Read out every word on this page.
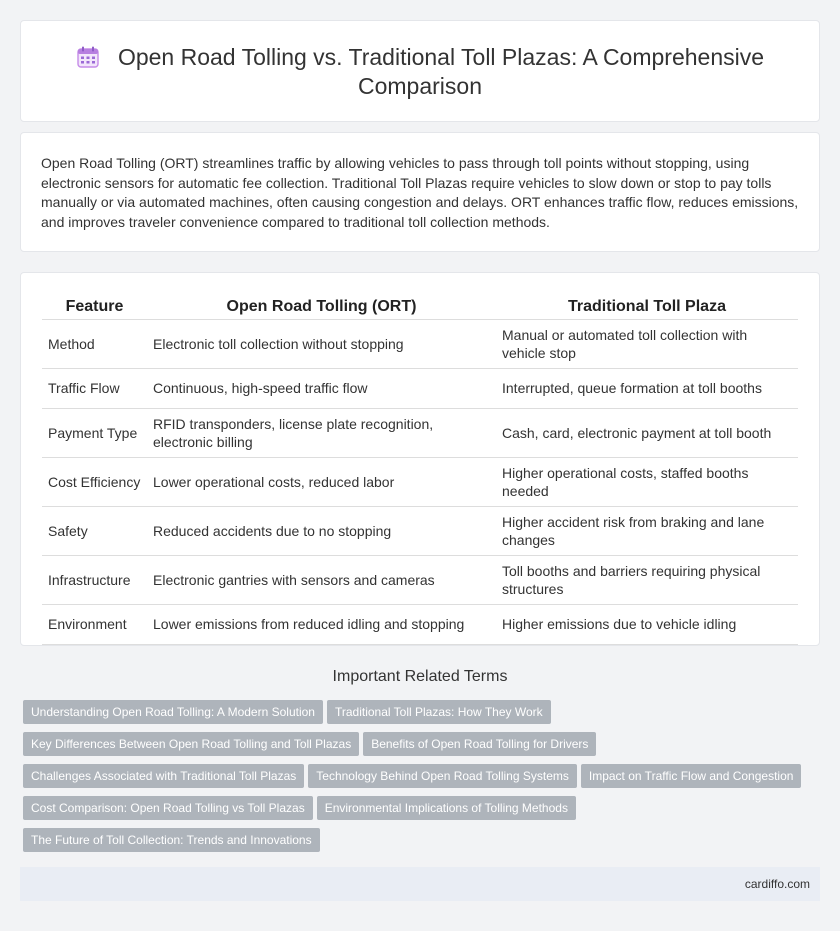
Open Road Tolling vs. Traditional Toll Plazas: A Comprehensive Comparison

Open Road Tolling (ORT) streamlines traffic by allowing vehicles to pass through toll points without stopping, using electronic sensors for automatic fee collection. Traditional Toll Plazas require vehicles to slow down or stop to pay tolls manually or via automated machines, often causing congestion and delays. ORT enhances traffic flow, reduces emissions, and improves traveler convenience compared to traditional toll collection methods.

Feature	Open Road Tolling (ORT)	Traditional Toll Plaza
Method	Electronic toll collection without stopping	Manual or automated toll collection with vehicle stop
Traffic Flow	Continuous, high-speed traffic flow	Interrupted, queue formation at toll booths
Payment Type	RFID transponders, license plate recognition, electronic billing	Cash, card, electronic payment at toll booth
Cost Efficiency	Lower operational costs, reduced labor	Higher operational costs, staffed booths needed
Safety	Reduced accidents due to no stopping	Higher accident risk from braking and lane changes
Infrastructure	Electronic gantries with sensors and cameras	Toll booths and barriers requiring physical structures
Environment	Lower emissions from reduced idling and stopping	Higher emissions due to vehicle idling
Important Related Terms
Understanding Open Road Tolling: A Modern Solution Traditional Toll Plazas: How They Work
Key Differences Between Open Road Tolling and Toll Plazas Benefits of Open Road Tolling for Drivers
Challenges Associated with Traditional Toll Plazas Technology Behind Open Road Tolling Systems Impact on Traffic Flow and Congestion
Cost Comparison: Open Road Tolling vs Toll Plazas Environmental Implications of Tolling Methods
The Future of Toll Collection: Trends and Innovations
cardiffo.com
